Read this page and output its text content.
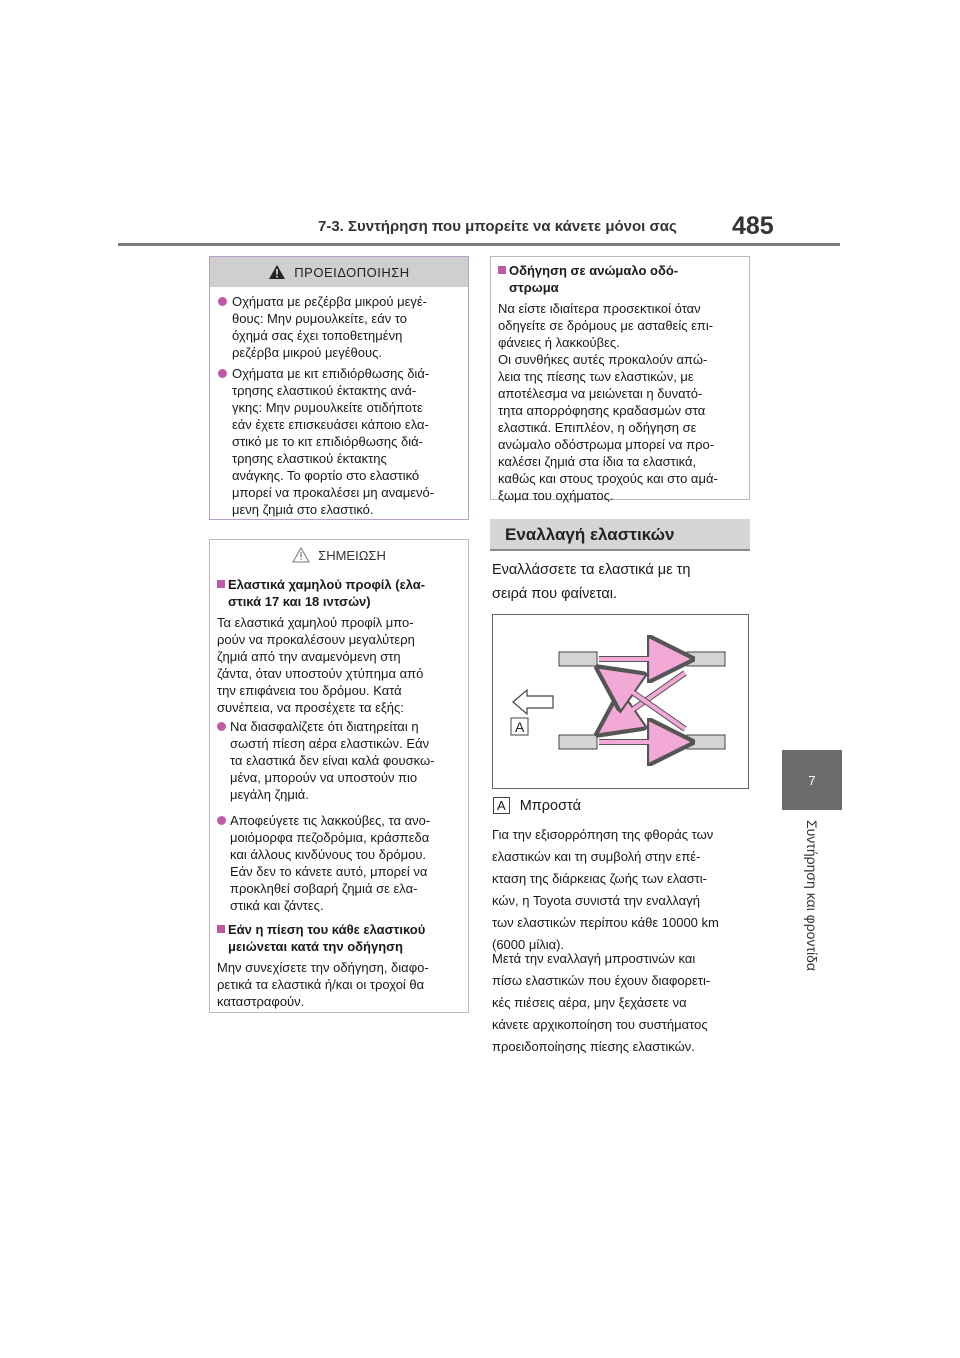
7-3. Συντήρηση που μπορείτε να κάνετε μόνοι σας 485
7
Συντήρηση και φροντίδα
ΠΡΟΕΙΔΟΠΟΙΗΣΗ
Οχήματα με ρεζέρβα μικρού μεγέ-
θους: Μην ρυμουλκείτε, εάν το
όχημά σας έχει τοποθετημένη
ρεζέρβα μικρού μεγέθους.
Οχήματα με κιτ επιδιόρθωσης διά-
τρησης ελαστικού έκτακτης ανά-
γκης: Μην ρυμουλκείτε οτιδήποτε
εάν έχετε επισκευάσει κάποιο ελα-
στικό με το κιτ επιδιόρθωσης διά-
τρησης ελαστικού έκτακτης
ανάγκης. Το φορτίο στο ελαστικό
μπορεί να προκαλέσει μη αναμενό-
μενη ζημιά στο ελαστικό.
ΣΗΜΕΙΩΣΗ
Ελαστικά χαμηλού προφίλ (ελα-
στικά 17 και 18 ιντσών)
Τα ελαστικά χαμηλού προφίλ μπο-
ρούν να προκαλέσουν μεγαλύτερη
ζημιά από την αναμενόμενη στη
ζάντα, όταν υποστούν χτύπημα από
την επιφάνεια του δρόμου. Κατά
συνέπεια, να προσέχετε τα εξής:
Να διασφαλίζετε ότι διατηρείται η
σωστή πίεση αέρα ελαστικών. Εάν
τα ελαστικά δεν είναι καλά φουσκω-
μένα, μπορούν να υποστούν πιο
μεγάλη ζημιά.
Αποφεύγετε τις λακκούβες, τα ανο-
μοιόμορφα πεζοδρόμια, κράσπεδα
και άλλους κινδύνους του δρόμου.
Εάν δεν το κάνετε αυτό, μπορεί να
προκληθεί σοβαρή ζημιά σε ελα-
στικά και ζάντες.
Εάν η πίεση του κάθε ελαστικού
μειώνεται κατά την οδήγηση
Μην συνεχίσετε την οδήγηση, διαφο-
ρετικά τα ελαστικά ή/και οι τροχοί θα
καταστραφούν.
Οδήγηση σε ανώμαλο οδό-
στρωμα
Να είστε ιδιαίτερα προσεκτικοί όταν
οδηγείτε σε δρόμους με ασταθείς επι-
φάνειες ή λακκούβες.
Οι συνθήκες αυτές προκαλούν απώ-
λεια της πίεσης των ελαστικών, με
αποτέλεσμα να μειώνεται η δυνατό-
τητα απορρόφησης κραδασμών στα
ελαστικά. Επιπλέον, η οδήγηση σε
ανώμαλο οδόστρωμα μπορεί να προ-
καλέσει ζημιά στα ίδια τα ελαστικά,
καθώς και στους τροχούς και στο αμά-
ξωμα του οχήματος.
Εναλλαγή ελαστικών
Εναλλάσσετε τα ελαστικά με τη
σειρά που φαίνεται.
A
A Μπροστά
Για την εξισορρόπηση της φθοράς των
ελαστικών και τη συμβολή στην επέ-
κταση της διάρκειας ζωής των ελαστι-
κών, η Toyota συνιστά την εναλλαγή
των ελαστικών περίπου κάθε 10000 km
(6000 μίλια).
Μετά την εναλλαγή μπροστινών και
πίσω ελαστικών που έχουν διαφορετι-
κές πιέσεις αέρα, μην ξεχάσετε να
κάνετε αρχικοποίηση του συστήματος
προειδοποίησης πίεσης ελαστικών.
